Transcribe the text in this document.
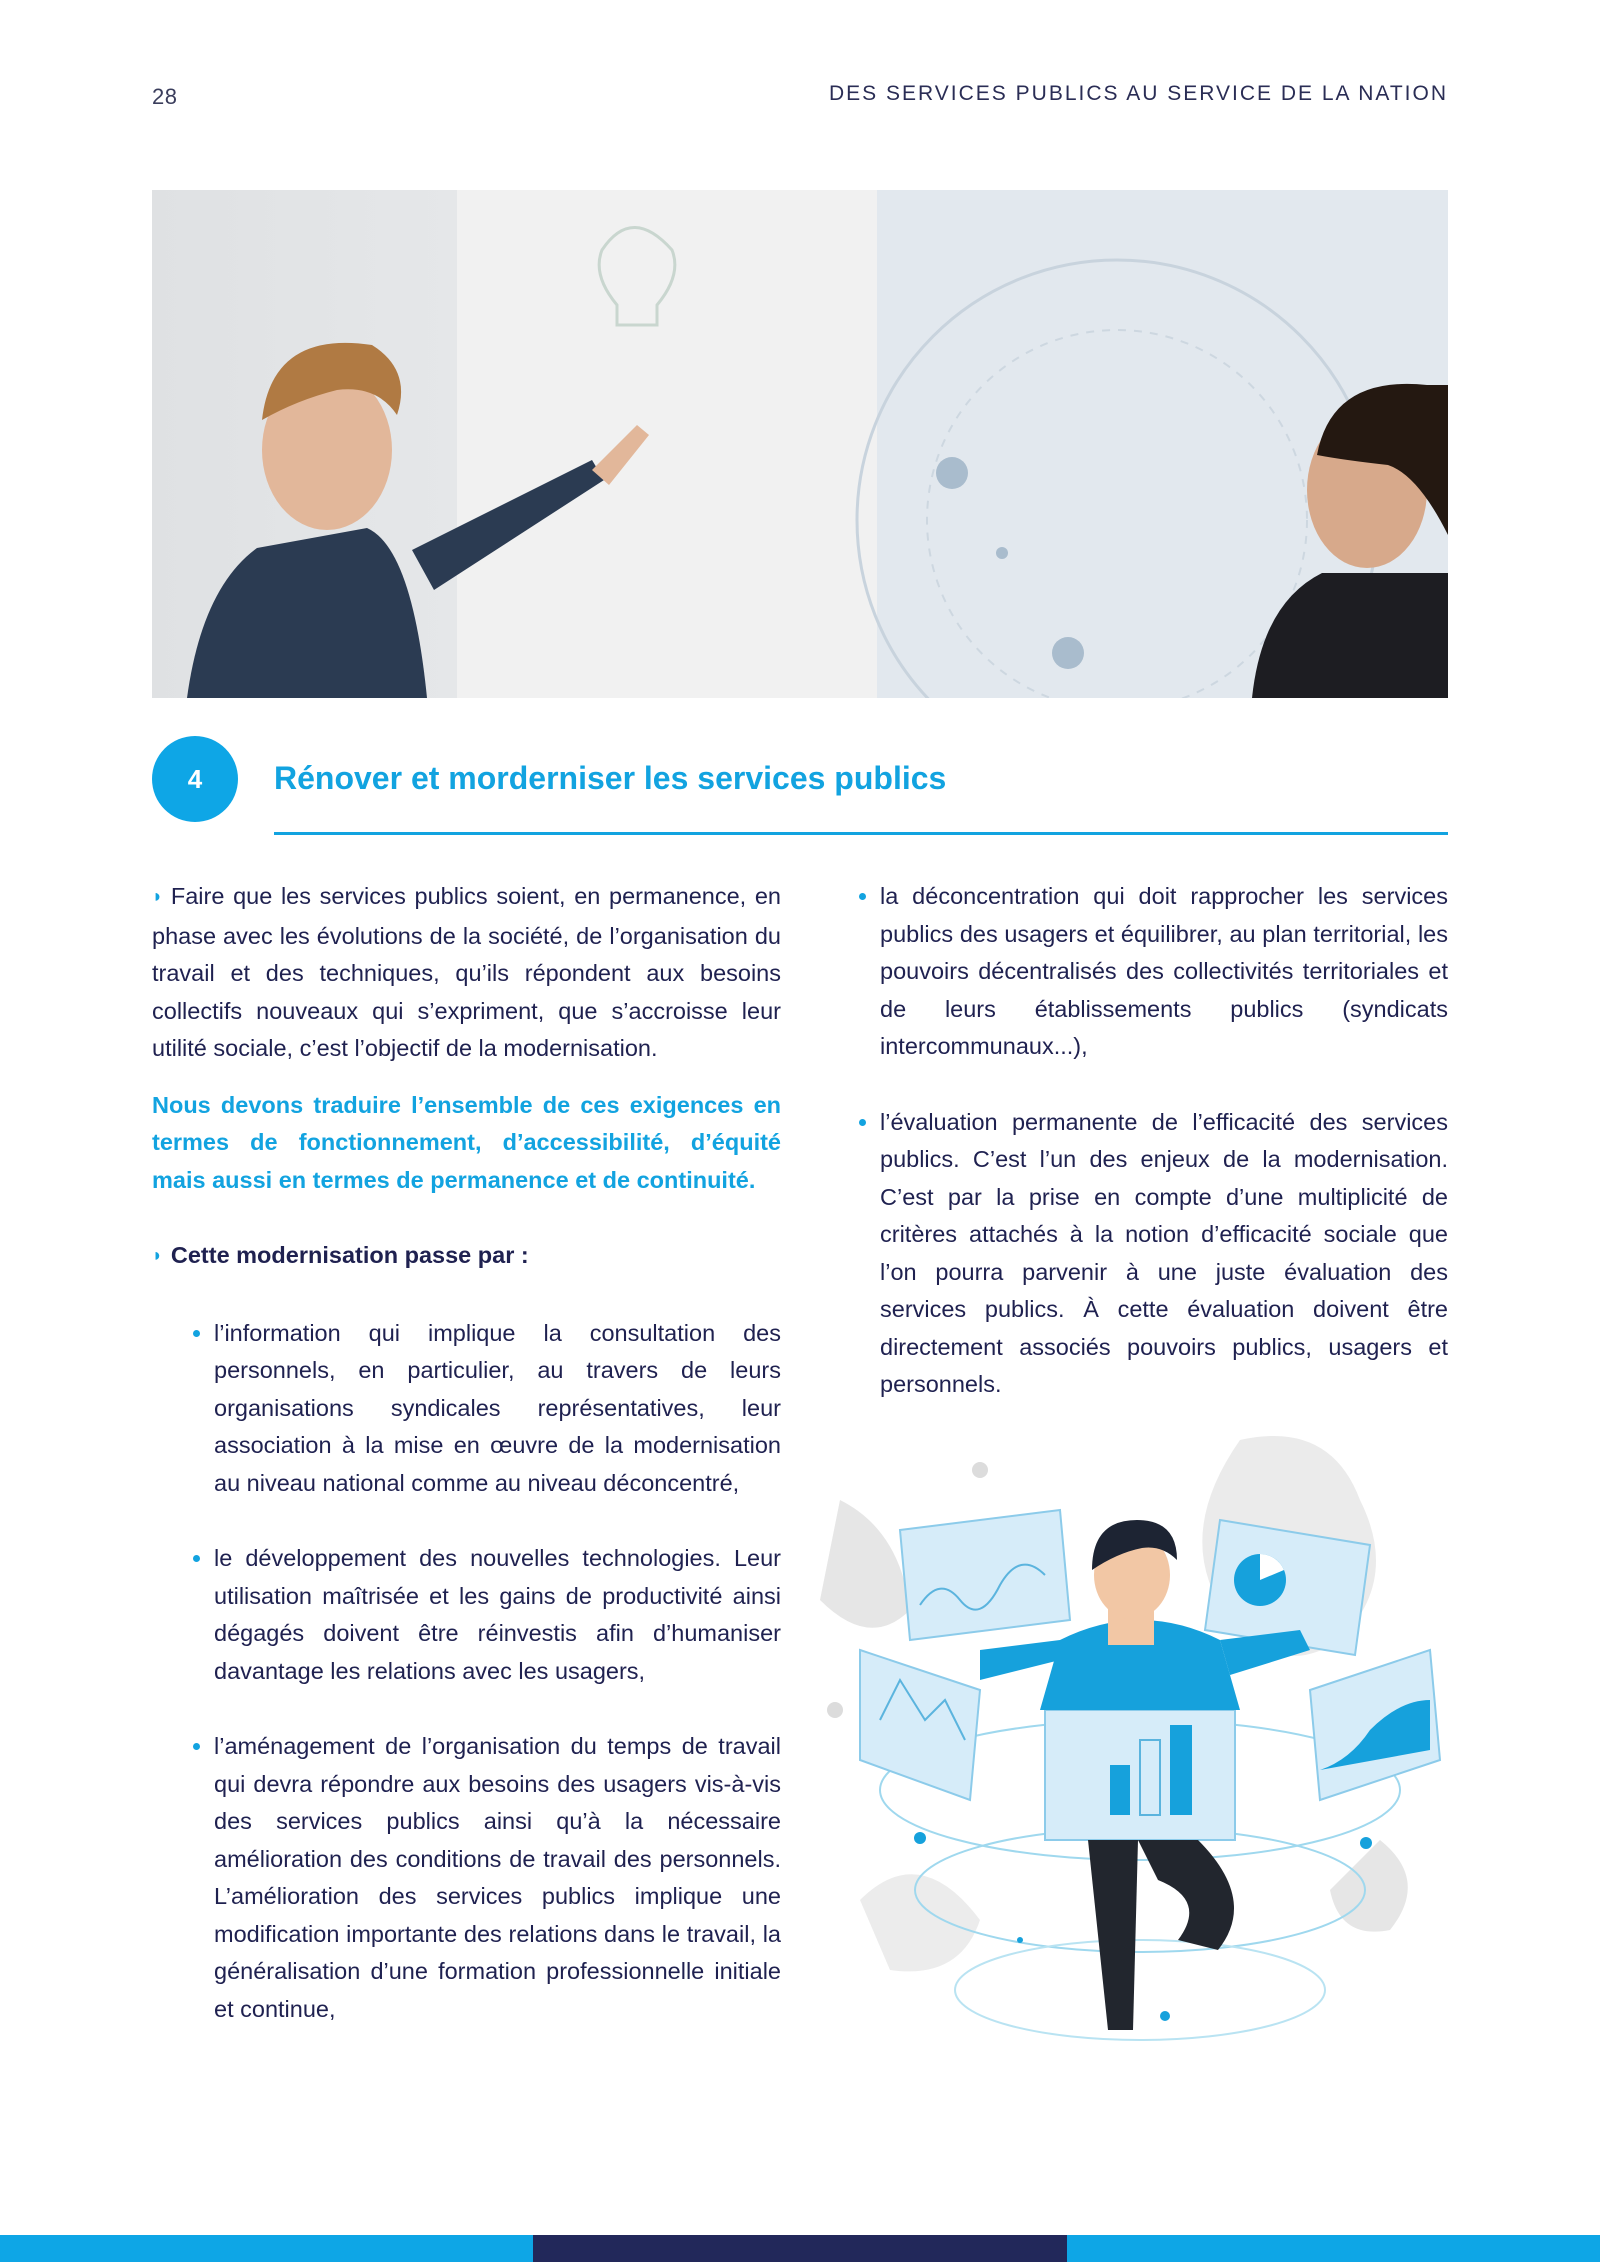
28	DES SERVICES PUBLICS AU SERVICE DE LA NATION
4	Rénover et morderniser les services publics

◗ Faire que les services publics soient, en permanence, en phase avec les évolutions de la société, de l’organisation du travail et des techniques, qu’ils répondent aux besoins collectifs nouveaux qui s’expriment, que s’accroisse leur utilité sociale, c’est l’objectif de la modernisation.

Nous devons traduire l’ensemble de ces exigences en termes de fonctionnement, d’accessibilité, d’équité mais aussi en termes de permanence et de continuité.

◗ Cette modernisation passe par :

l’information qui implique la consultation des personnels, en particulier, au travers de leurs organisations syndicales représentatives, leur association à la mise en œuvre de la modernisation au niveau national comme au niveau déconcentré,
le développement des nouvelles technologies. Leur utilisation maîtrisée et les gains de productivité ainsi dégagés doivent être réinvestis afin d’humaniser davantage les relations avec les usagers,
l’aménagement de l’organisation du temps de travail qui devra répondre aux besoins des usagers vis-à-vis des services publics ainsi qu’à la nécessaire amélioration des conditions de travail des personnels. L’amélioration des services publics implique une modification importante des relations dans le travail, la généralisation d’une formation professionnelle initiale et continue,
la déconcentration qui doit rapprocher les services publics des usagers et équilibrer, au plan territorial, les pouvoirs décentralisés des collectivités territoriales et de leurs établissements publics (syndicats intercommunaux...),
l’évaluation permanente de l’efficacité des services publics. C’est l’un des enjeux de la modernisation. C’est par la prise en compte d’une multiplicité de critères attachés à la notion d’efficacité sociale que l’on pourra parvenir à une juste évaluation des services publics. À cette évaluation doivent être directement associés pouvoirs publics, usagers et personnels.
